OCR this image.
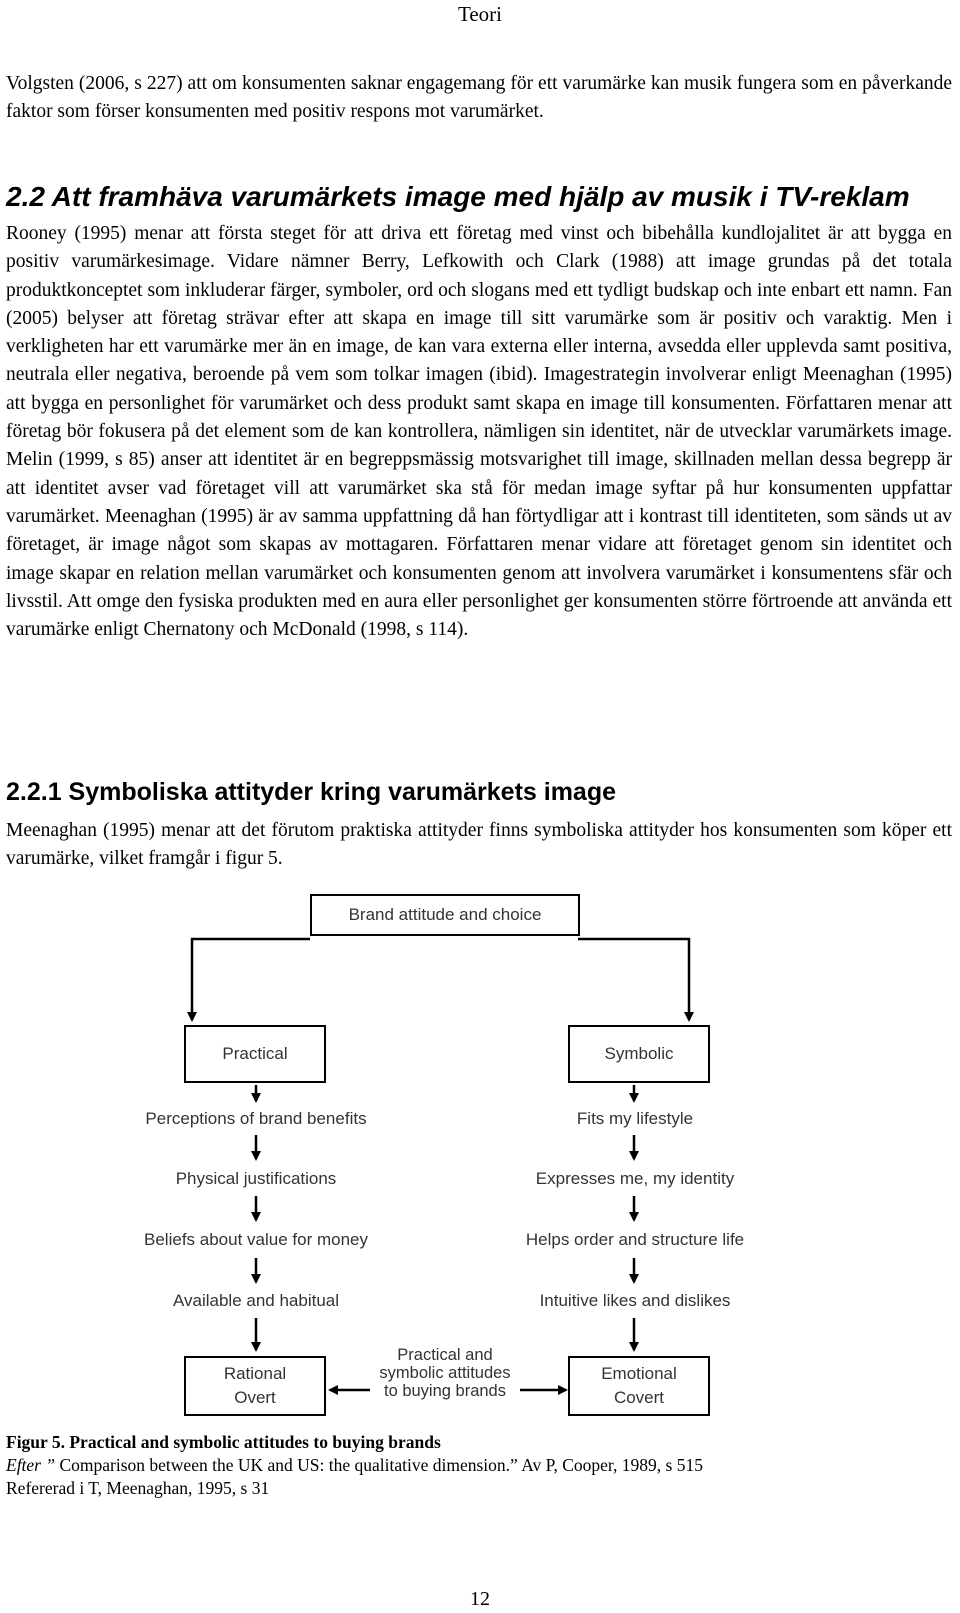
Teori
Volgsten (2006, s 227) att om konsumenten saknar engagemang för ett varumärke kan musik fungera som en påverkande faktor som förser konsumenten med positiv respons mot varumärket.
2.2 Att framhäva varumärkets image med hjälp av musik i TV-reklam
Rooney (1995) menar att första steget för att driva ett företag med vinst och bibehålla kundlojalitet är att bygga en positiv varumärkesimage. Vidare nämner Berry, Lefkowith och Clark (1988) att image grundas på det totala produktkonceptet som inkluderar färger, symboler, ord och slogans med ett tydligt budskap och inte enbart ett namn. Fan (2005) belyser att företag strävar efter att skapa en image till sitt varumärke som är positiv och varaktig. Men i verkligheten har ett varumärke mer än en image, de kan vara externa eller interna, avsedda eller upplevda samt positiva, neutrala eller negativa, beroende på vem som tolkar imagen (ibid). Imagestrategin involverar enligt Meenaghan (1995) att bygga en personlighet för varumärket och dess produkt samt skapa en image till konsumenten. Författaren menar att företag bör fokusera på det element som de kan kontrollera, nämligen sin identitet, när de utvecklar varumärkets image. Melin (1999, s 85) anser att identitet är en begreppsmässig motsvarighet till image, skillnaden mellan dessa begrepp är att identitet avser vad företaget vill att varumärket ska stå för medan image syftar på hur konsumenten uppfattar varumärket. Meenaghan (1995) är av samma uppfattning då han förtydligar att i kontrast till identiteten, som sänds ut av företaget, är image något som skapas av mottagaren. Författaren menar vidare att företaget genom sin identitet och image skapar en relation mellan varumärket och konsumenten genom att involvera varumärket i konsumentens sfär och livsstil. Att omge den fysiska produkten med en aura eller personlighet ger konsumenten större förtroende att använda ett varumärke enligt Chernatony och McDonald (1998, s 114).
2.2.1 Symboliska attityder kring varumärkets image
Meenaghan (1995) menar att det förutom praktiska attityder finns symboliska attityder hos konsumenten som köper ett varumärke, vilket framgår i figur 5.
Brand attitude and choice
Practical	Symbolic
Perceptions of brand benefits
Physical justifications
Beliefs about value for money
Available and habitual
Fits my lifestyle
Expresses me, my identity
Helps order and structure life
Intuitive likes and dislikes
Rational
Overt
Emotional
Covert
Practical and
symbolic attitudes
to buying brands
Figur 5. Practical and symbolic attitudes to buying brands
Efter ” Comparison between the UK and US: the qualitative dimension.” Av P, Cooper, 1989, s 515
Refererad i T, Meenaghan, 1995, s 31
12
